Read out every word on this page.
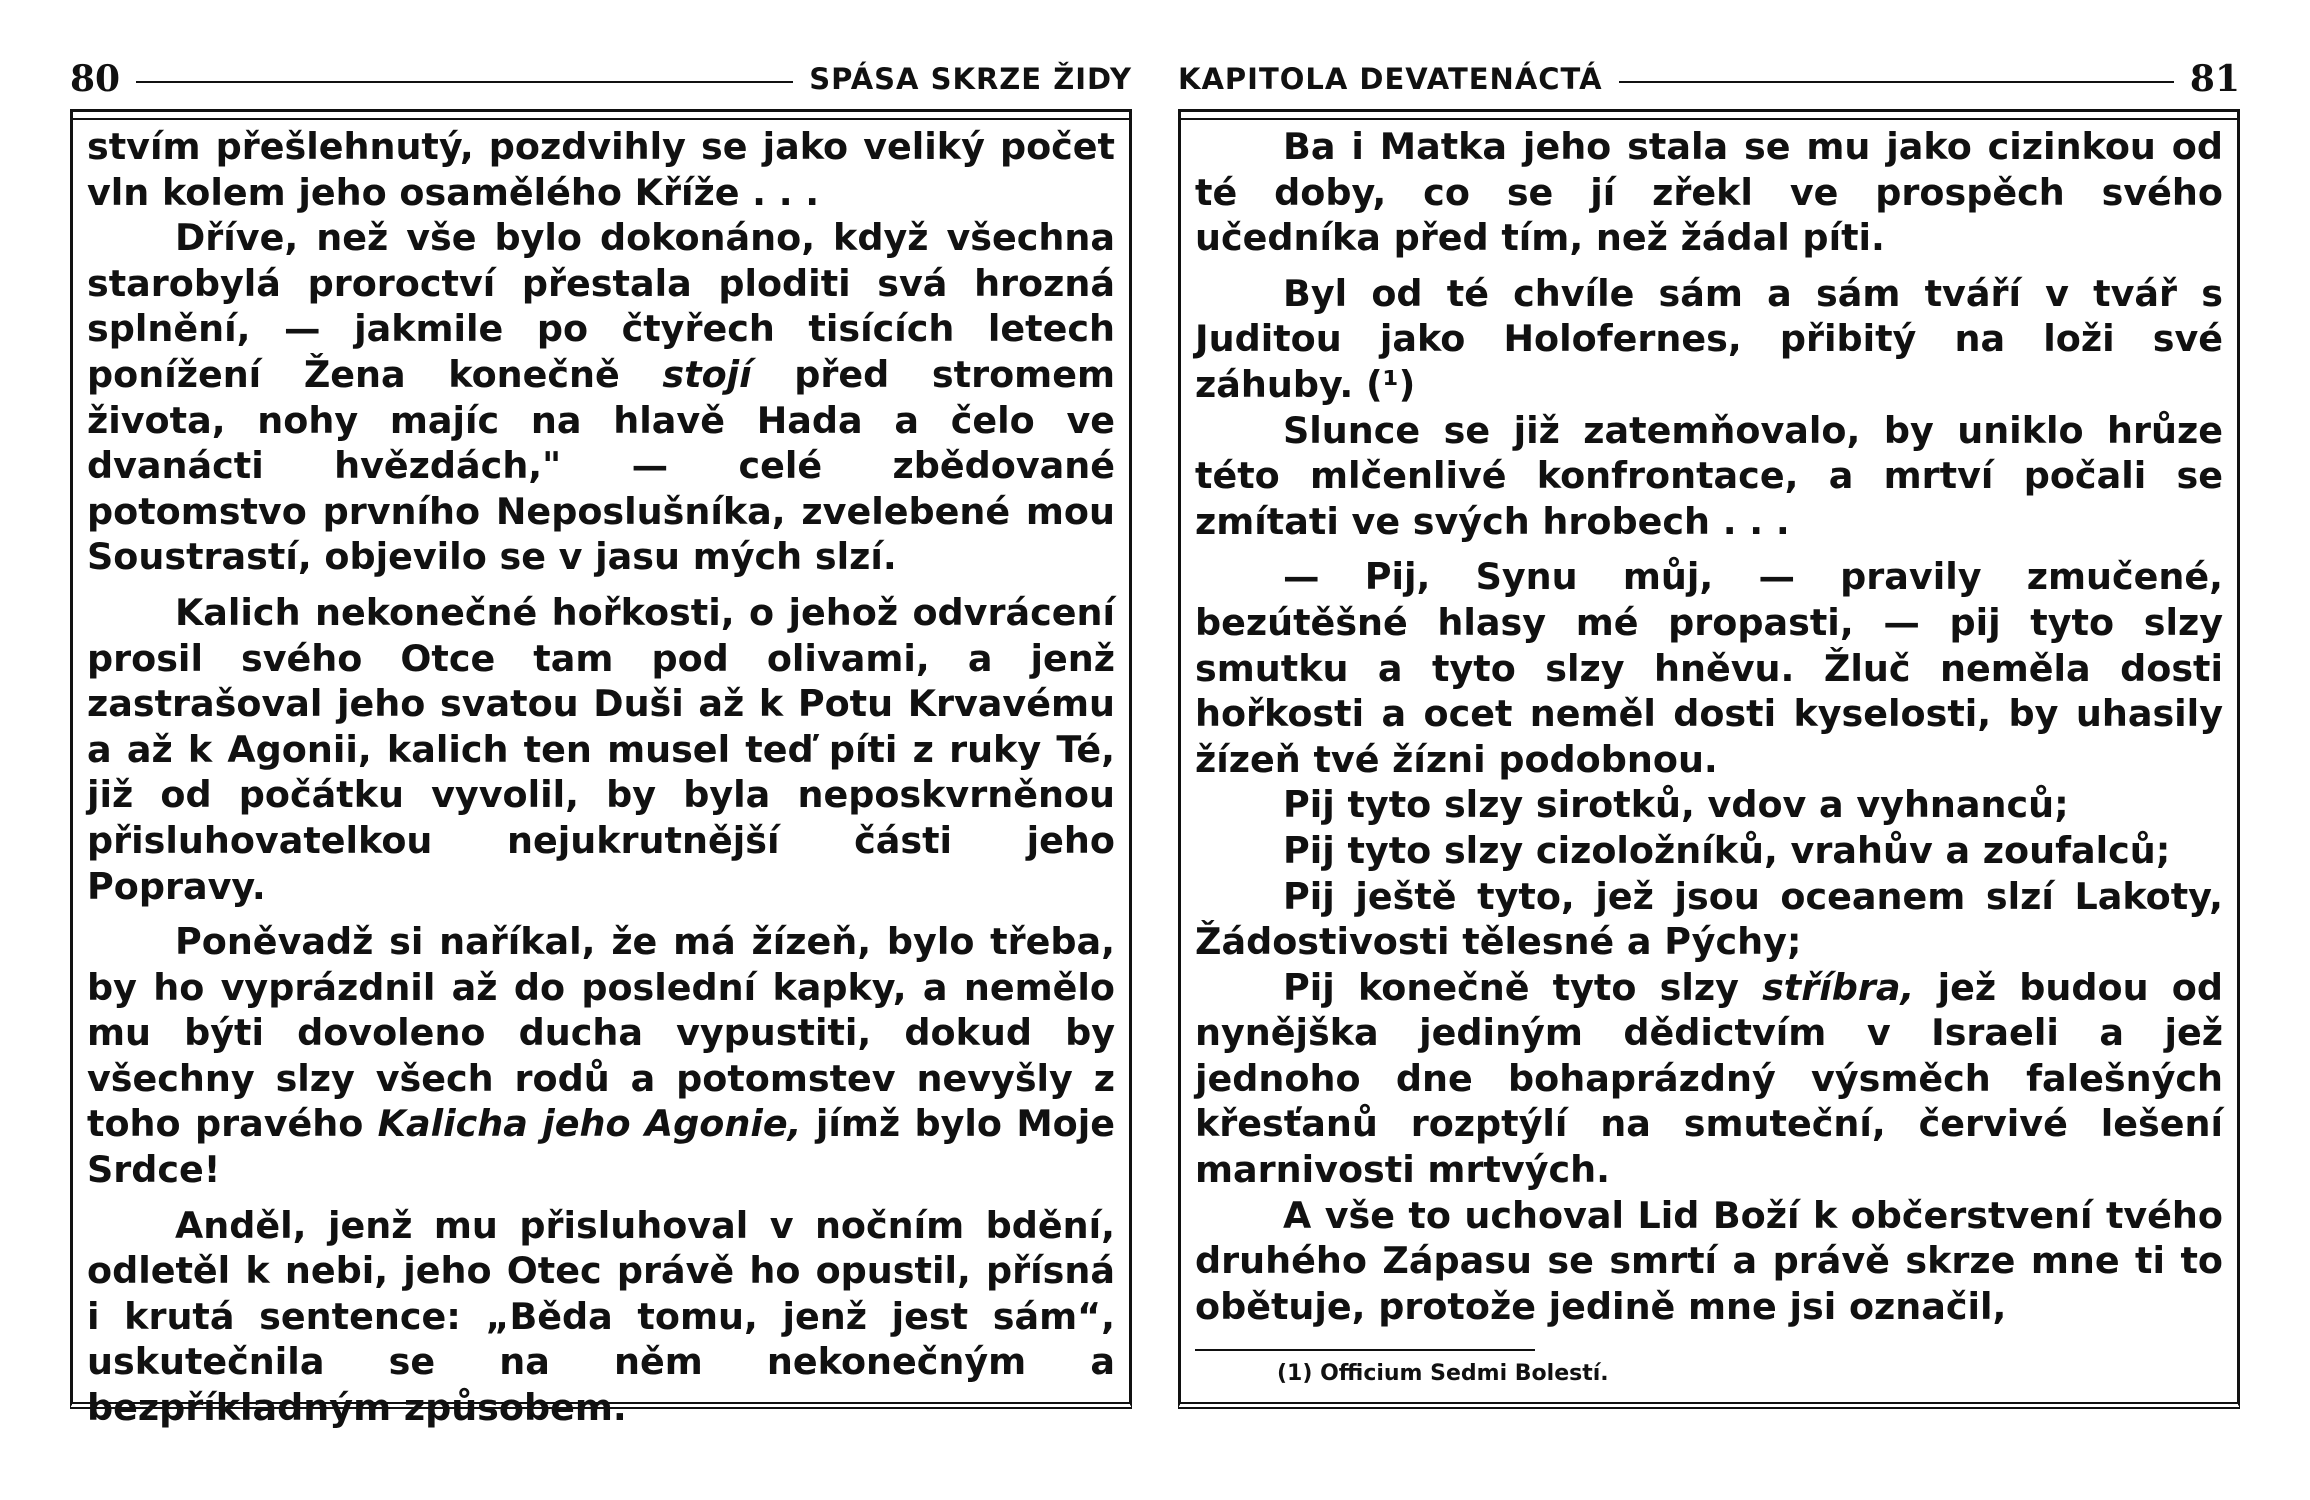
80	SPÁSA SKRZE ŽIDY

stvím přešlehnutý, pozdvihly se jako veliký počet vln kolem jeho osamělého Kříže . . .

Dříve, než vše bylo dokonáno, když všechna starobylá proroctví přestala ploditi svá hrozná splnění, — jakmile po čtyřech tisících letech ponížení Žena konečně stojí před stromem života, nohy majíc na hlavě Hada a čelo ve dvanácti hvězdách," — celé zbědované potomstvo prvního Neposlušníka, zvelebené mou Soustrastí, objevilo se v jasu mých slzí.

Kalich nekonečné hořkosti, o jehož odvrácení prosil svého Otce tam pod olivami, a jenž zastrašoval jeho svatou Duši až k Potu Krvavému a až k Agonii, kalich ten musel teď píti z ruky Té, již od počátku vyvolil, by byla neposkvrněnou přisluhovatelkou nejukrutnější části jeho Popravy.

Poněvadž si naříkal, že má žízeň, bylo třeba, by ho vyprázdnil až do poslední kapky, a nemělo mu býti dovoleno ducha vypustiti, dokud by všechny slzy všech rodů a potomstev nevyšly z toho pravého Kalicha jeho Agonie, jímž bylo Moje Srdce!

Anděl, jenž mu přisluhoval v nočním bdění, odletěl k nebi, jeho Otec právě ho opustil, přísná i krutá sentence: „Běda tomu, jenž jest sám“, uskutečnila se na něm nekonečným a bezpříkladným způsobem.

KAPITOLA DEVATENÁCTÁ	81

Ba i Matka jeho stala se mu jako cizinkou od té doby, co se jí zřekl ve prospěch svého učedníka před tím, než žádal píti.

Byl od té chvíle sám a sám tváří v tvář s Juditou jako Holofernes, přibitý na loži své záhuby. (¹)

Slunce se již zatemňovalo, by uniklo hrůze této mlčenlivé konfrontace, a mrtví počali se zmítati ve svých hrobech . . .

— Pij, Synu můj, — pravily zmučené, bezútěšné hlasy mé propasti, — pij tyto slzy smutku a tyto slzy hněvu. Žluč neměla dosti hořkosti a ocet neměl dosti kyselosti, by uhasily žízeň tvé žízni podobnou.

Pij tyto slzy sirotků, vdov a vyhnanců;

Pij tyto slzy cizoložníků, vrahův a zoufalců;

Pij ještě tyto, jež jsou oceanem slzí Lakoty, Žádostivosti tělesné a Pýchy;

Pij konečně tyto slzy stříbra, jež budou od nynějška jediným dědictvím v Israeli a jež jednoho dne bohaprázdný výsměch falešných křesťanů rozptýlí na smuteční, červivé lešení marnivosti mrtvých.

A vše to uchoval Lid Boží k občerstvení tvého druhého Zápasu se smrtí a právě skrze mne ti to obětuje, protože jedině mne jsi označil,

(1) Officium Sedmi Bolestí.
